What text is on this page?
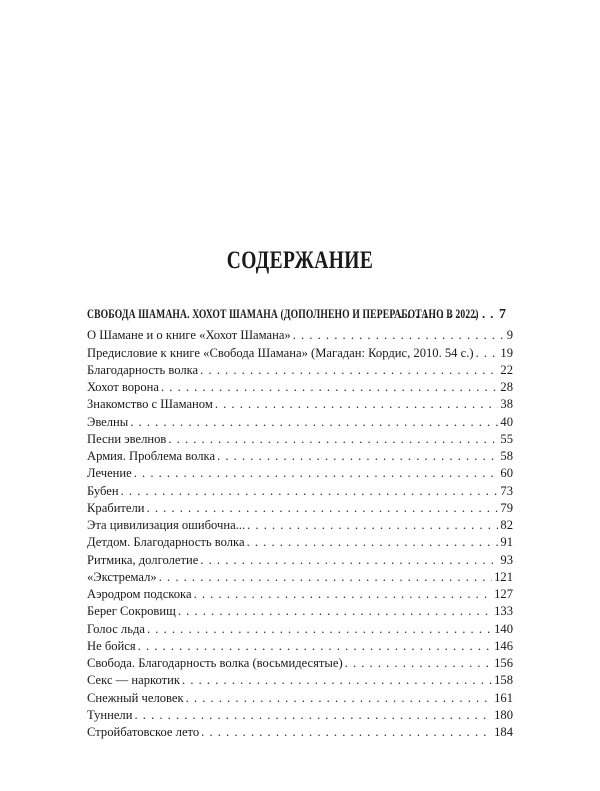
СОДЕРЖАНИЕ
СВОБОДА ШАМАНА. ХОХОТ ШАМАНА (ДОПОЛНЕНО И ПЕРЕРАБОТАНО В 2022) . . . 7
О Шамане и о книге «Хохот Шамана» . . .	9
Предисловие к книге «Свобода Шамана» (Магадан: Кордис, 2010. 54 с.) . . . 19
Благодарность волка . . .	22
Хохот ворона . . .	28
Знакомство с Шаманом . . .	38
Эвелны . . .	40
Песни эвелнов . . .	55
Армия. Проблема волка . . .	58
Лечение . . .	60
Бубен . . .	73
Крабители . . .	79
Эта цивилизация ошибочна... . . .	82
Детдом. Благодарность волка . . .	91
Ритмика, долголетие . . .	93
«Экстремал» . . .	121
Аэродром подскока . . .	127
Берег Сокровищ . . .	133
Голос льда . . .	140
Не бойся . . .	146
Свобода. Благодарность волка (восьмидесятые) . . .	156
Секс — наркотик . . .	158
Снежный человек . . .	161
Туннели . . .	180
Стройбатовское лето . . .	184
